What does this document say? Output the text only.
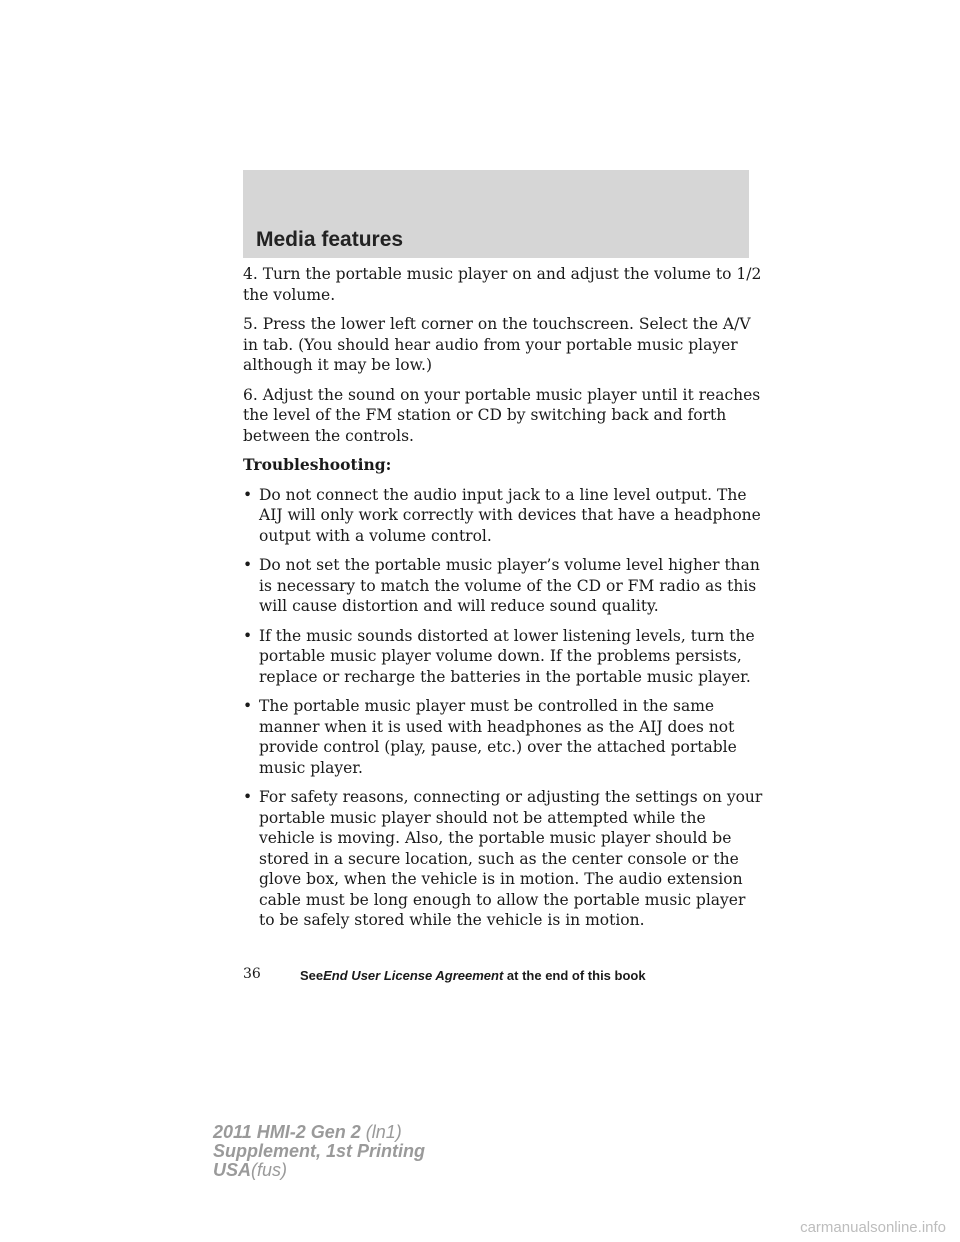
Media features

4. Turn the portable music player on and adjust the volume to 1/2 the volume.

5. Press the lower left corner on the touchscreen. Select the A/V in tab. (You should hear audio from your portable music player although it may be low.)

6. Adjust the sound on your portable music player until it reaches the level of the FM station or CD by switching back and forth between the controls.

Troubleshooting:

• Do not connect the audio input jack to a line level output. The AIJ will only work correctly with devices that have a headphone output with a volume control.
• Do not set the portable music player’s volume level higher than is necessary to match the volume of the CD or FM radio as this will cause distortion and will reduce sound quality.
• If the music sounds distorted at lower listening levels, turn the portable music player volume down. If the problems persists, replace or recharge the batteries in the portable music player.
• The portable music player must be controlled in the same manner when it is used with headphones as the AIJ does not provide control (play, pause, etc.) over the attached portable music player.
• For safety reasons, connecting or adjusting the settings on your portable music player should not be attempted while the vehicle is moving. Also, the portable music player should be stored in a secure location, such as the center console or the glove box, when the vehicle is in motion. The audio extension cable must be long enough to allow the portable music player to be safely stored while the vehicle is in motion.
36	SeeEnd User License Agreement at the end of this book
2011 HMI-2 Gen 2 (ln1)
Supplement, 1st Printing
USA(fus)
carmanualsonline.info
